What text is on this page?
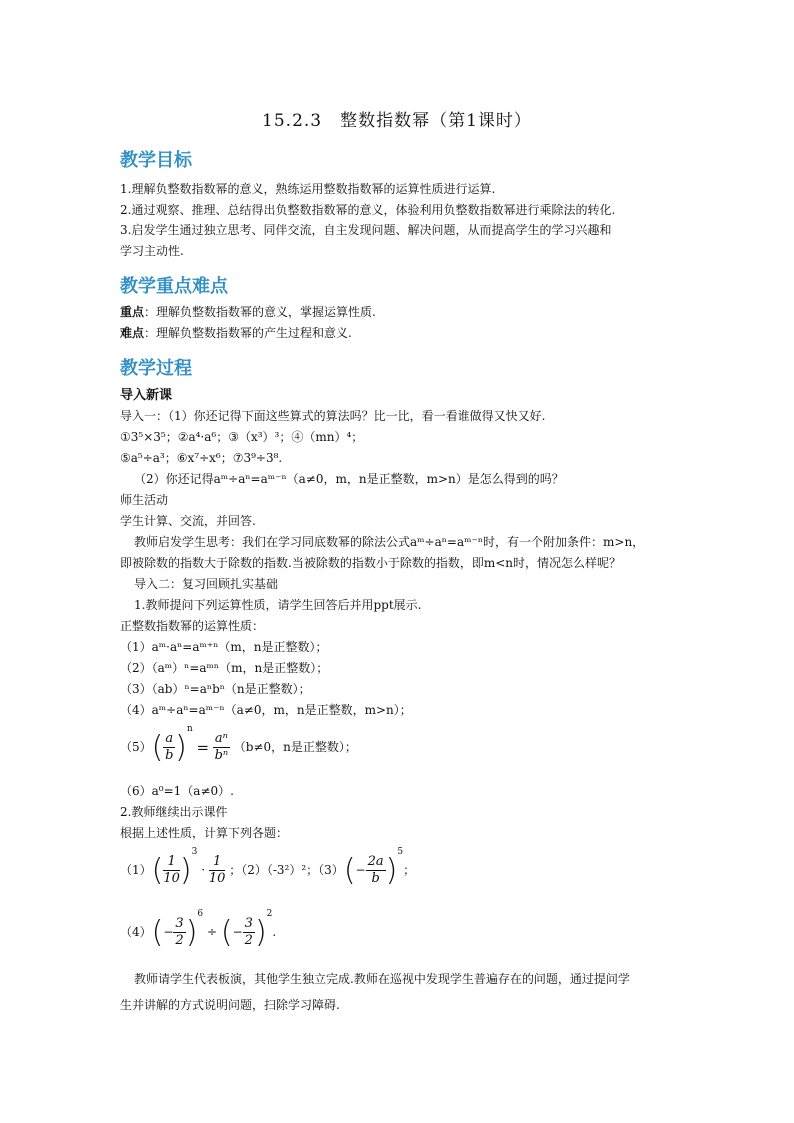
15.2.3　整数指数幂（第1课时）
教学目标
1.理解负整数指数幂的意义，熟练运用整数指数幂的运算性质进行运算.
2.通过观察、推理、总结得出负整数指数幂的意义，体验利用负整数指数幂进行乘除法的转化.
3.启发学生通过独立思考、同伴交流，自主发现问题、解决问题，从而提高学生的学习兴趣和
学习主动性.
教学重点难点
重点：理解负整数指数幂的意义，掌握运算性质.
难点：理解负整数指数幂的产生过程和意义.
教学过程
导入新课
导入一：（1）你还记得下面这些算式的算法吗？比一比，看一看谁做得又快又好.
①3⁵×3⁵；②a⁴·a⁶；③（x³）³；④（mn）⁴；
⑤a⁵÷a³；⑥x⁷÷x⁶；⑦3⁹÷3⁸.
（2）你还记得aᵐ÷aⁿ=aᵐ⁻ⁿ（a≠0，m，n是正整数，m>n）是怎么得到的吗？
师生活动
学生计算、交流，并回答.
教师启发学生思考：我们在学习同底数幂的除法公式aᵐ÷aⁿ=aᵐ⁻ⁿ时，有一个附加条件：m>n，
即被除数的指数大于除数的指数.当被除数的指数小于除数的指数，即m<n时，情况怎么样呢？
导入二：复习回顾扎实基础
1.教师提问下列运算性质，请学生回答后并用ppt展示.
正整数指数幂的运算性质：
（1）aᵐ·aⁿ=aᵐ⁺ⁿ（m，n是正整数）；
（2）（aᵐ）ⁿ=aᵐⁿ（m，n是正整数）；
（3）（ab）ⁿ=aⁿbⁿ（n是正整数）；
（4）aᵐ÷aⁿ=aᵐ⁻ⁿ（a≠0，m，n是正整数，m>n）；
$(5)( \frac{a}{b} )^n = \frac{\text{aⁿ}}{\text{bⁿ}} (b\ne 0$，n是正整数）；
（6）a⁰=1（a≠0）.
2.教师继续出示课件
根据上述性质，计算下列各题：
$(1)( \frac{1}{10} )^3 \cdot \frac{1}{10}$ ；（2）（-3²）²；$(3)(- \frac{2a}{b} )^5$；
$(4)(- \frac{3}{2} )^6$ ÷ (− $\frac{3}{2} )^2$.
教师请学生代表板演，其他学生独立完成.教师在巡视中发现学生普遍存在的问题，通过提问学
生并讲解的方式说明问题，扫除学习障碍.
